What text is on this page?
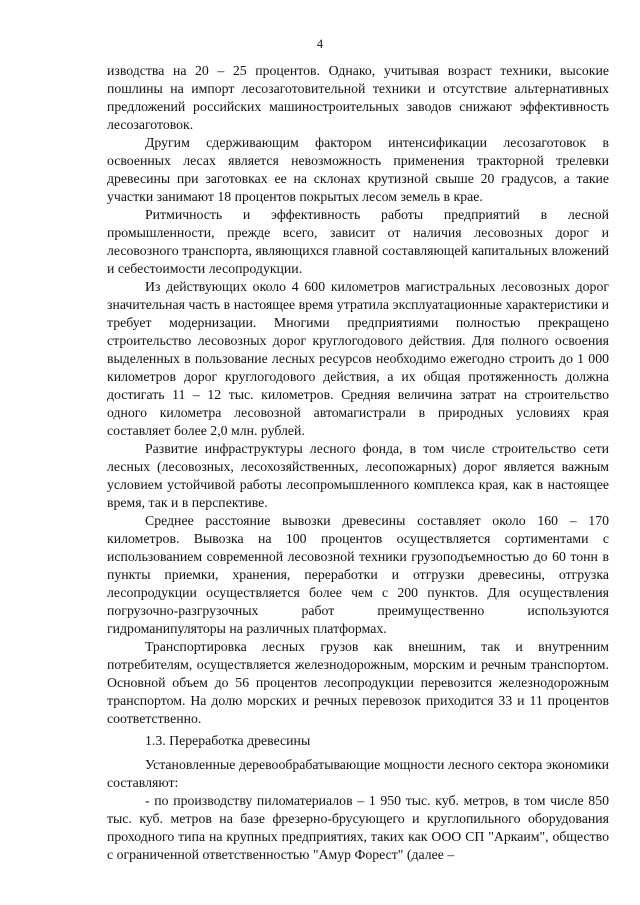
4

изводства на 20 – 25 процентов. Однако, учитывая возраст техники, высокие пошлины на импорт лесозаготовительной техники и отсутствие альтернативных предложений российских машиностроительных заводов снижают эффективность лесозаготовок.

Другим сдерживающим фактором интенсификации лесозаготовок в освоенных лесах является невозможность применения тракторной трелевки древесины при заготовках ее на склонах крутизной свыше 20 градусов, а такие участки занимают 18 процентов покрытых лесом земель в крае.

Ритмичность и эффективность работы предприятий в лесной промышленности, прежде всего, зависит от наличия лесовозных дорог и лесовозного транспорта, являющихся главной составляющей капитальных вложений и себестоимости лесопродукции.

Из действующих около 4 600 километров магистральных лесовозных дорог значительная часть в настоящее время утратила эксплуатационные характеристики и требует модернизации. Многими предприятиями полностью прекращено строительство лесовозных дорог круглогодового действия. Для полного освоения выделенных в пользование лесных ресурсов необходимо ежегодно строить до 1 000 километров дорог круглогодового действия, а их общая протяженность должна достигать 11 – 12 тыс. километров. Средняя величина затрат на строительство одного километра лесовозной автомагистрали в природных условиях края составляет более 2,0 млн. рублей.

Развитие инфраструктуры лесного фонда, в том числе строительство сети лесных (лесовозных, лесохозяйственных, лесопожарных) дорог является важным условием устойчивой работы лесопромышленного комплекса края, как в настоящее время, так и в перспективе.

Среднее расстояние вывозки древесины составляет около 160 – 170 километров. Вывозка на 100 процентов осуществляется сортиментами с использованием современной лесовозной техники грузоподъемностью до 60 тонн в пункты приемки, хранения, переработки и отгрузки древесины, отгрузка лесопродукции осуществляется более чем с 200 пунктов. Для осуществления погрузочно-разгрузочных работ преимущественно используются гидроманипуляторы на различных платформах.

Транспортировка лесных грузов как внешним, так и внутренним потребителям, осуществляется железнодорожным, морским и речным транспортом. Основной объем до 56 процентов лесопродукции перевозится железнодорожным транспортом. На долю морских и речных перевозок приходится 33 и 11 процентов соответственно.

1.3. Переработка древесины

Установленные деревообрабатывающие мощности лесного сектора экономики составляют:

- по производству пиломатериалов – 1 950 тыс. куб. метров, в том числе 850 тыс. куб. метров на базе фрезерно-брусующего и круглопильного оборудования проходного типа на крупных предприятиях, таких как ООО СП "Аркаим", общество с ограниченной ответственностью "Амур Форест" (далее –
